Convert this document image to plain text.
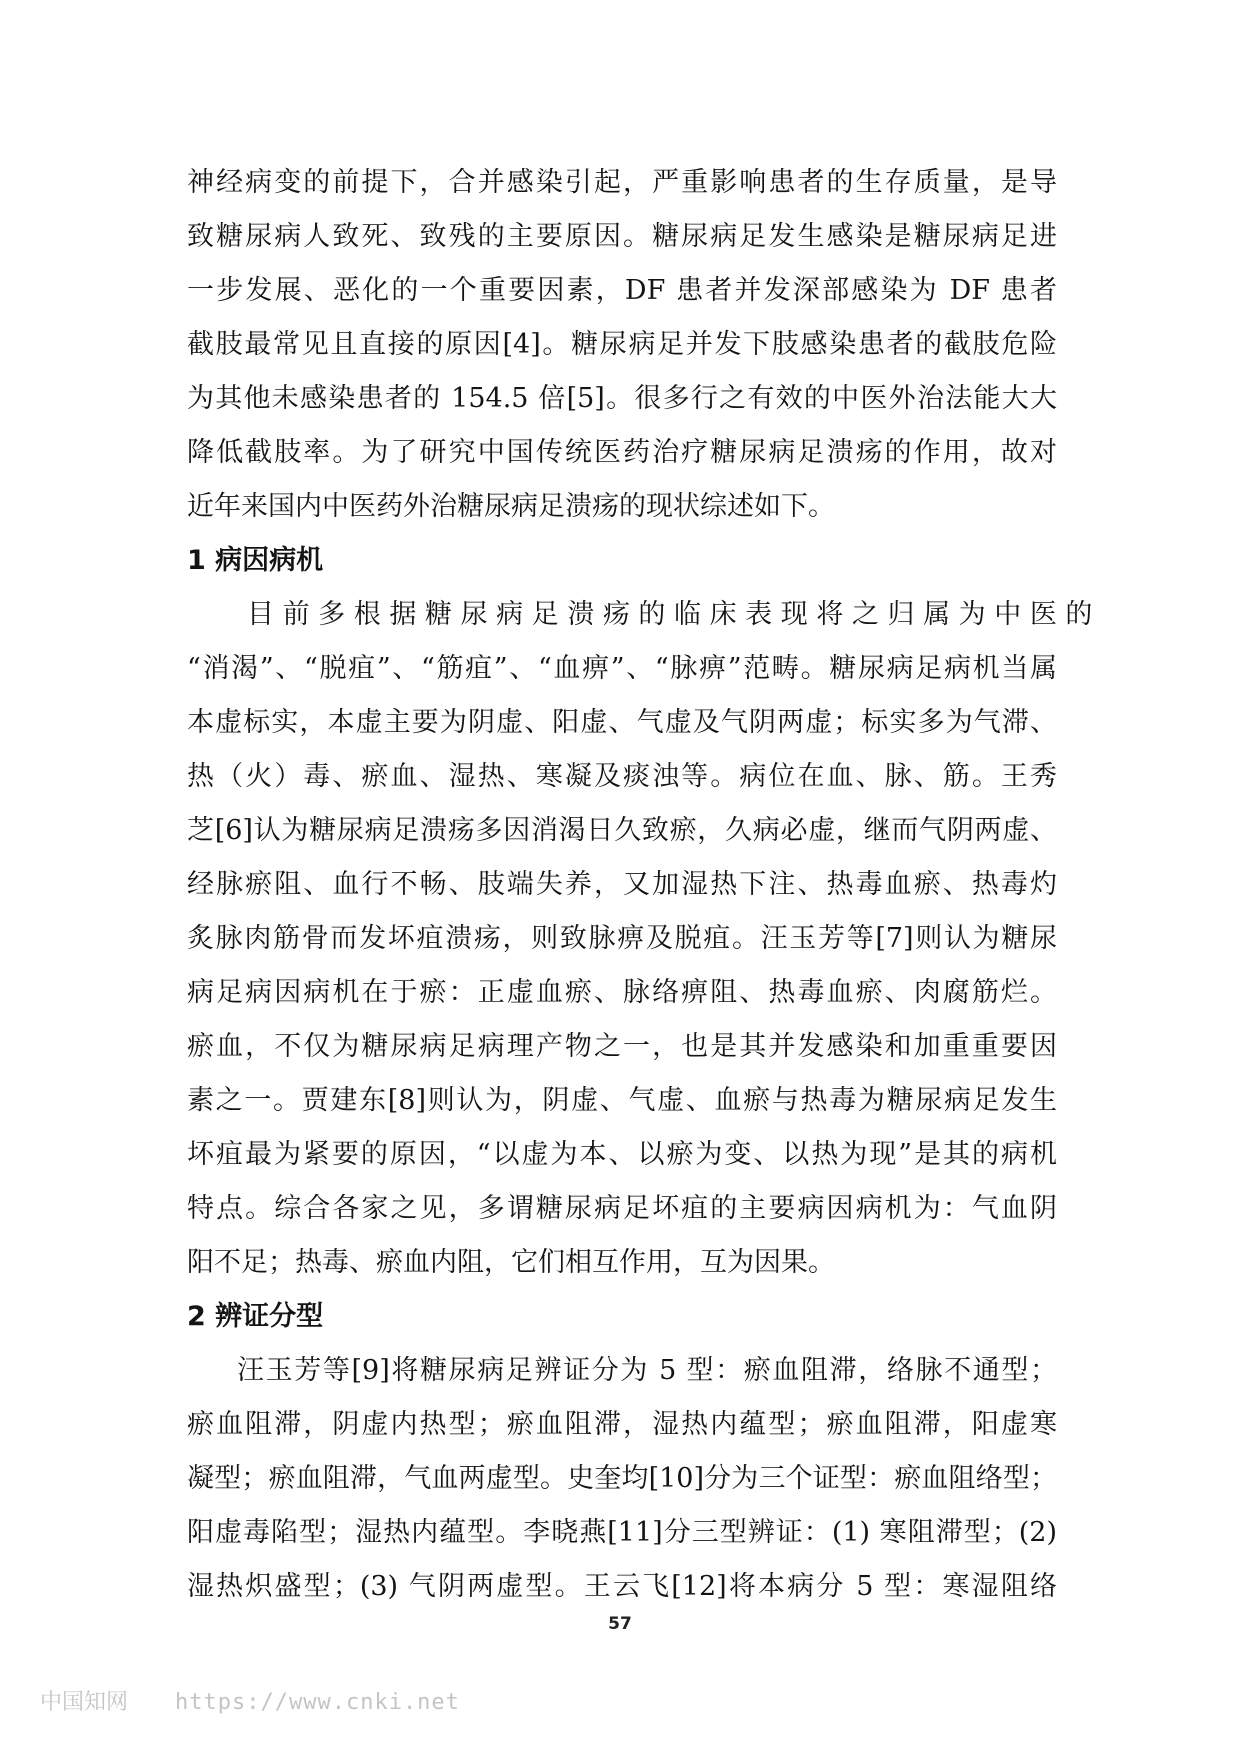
神经病变的前提下，合并感染引起，严重影响患者的生存质量，是导
致糖尿病人致死、致残的主要原因。糖尿病足发生感染是糖尿病足进
一步发展、恶化的一个重要因素，DF 患者并发深部感染为 DF 患者
截肢最常见且直接的原因[4]。糖尿病足并发下肢感染患者的截肢危险
为其他未感染患者的 154.5 倍[5]。很多行之有效的中医外治法能大大
降低截肢率。为了研究中国传统医药治疗糖尿病足溃疡的作用，故对
近年来国内中医药外治糖尿病足溃疡的现状综述如下。
1 病因病机
目 前 多 根 据 糖 尿 病 足 溃 疡 的 临 床 表 现 将 之 归 属 为 中 医 的
“消渴”、“脱疽”、“筋疽”、“血痹”、“脉痹”范畴。糖尿病足病机当属
本虚标实，本虚主要为阴虚、阳虚、气虚及气阴两虚；标实多为气滞、
热（火）毒、瘀血、湿热、寒凝及痰浊等。病位在血、脉、筋。王秀
芝[6]认为糖尿病足溃疡多因消渴日久致瘀，久病必虚，继而气阴两虚、
经脉瘀阻、血行不畅、肢端失养，又加湿热下注、热毒血瘀、热毒灼
炙脉肉筋骨而发坏疽溃疡，则致脉痹及脱疽。汪玉芳等[7]则认为糖尿
病足病因病机在于瘀：正虚血瘀、脉络痹阻、热毒血瘀、肉腐筋烂。
瘀血，不仅为糖尿病足病理产物之一，也是其并发感染和加重重要因
素之一。贾建东[8]则认为，阴虚、气虚、血瘀与热毒为糖尿病足发生
坏疽最为紧要的原因，“以虚为本、以瘀为变、以热为现”是其的病机
特点。综合各家之见，多谓糖尿病足坏疽的主要病因病机为：气血阴
阳不足；热毒、瘀血内阻，它们相互作用，互为因果。
2 辨证分型
汪玉芳等[9]将糖尿病足辨证分为 5 型：瘀血阻滞，络脉不通型；
瘀血阻滞，阴虚内热型；瘀血阻滞，湿热内蕴型；瘀血阻滞，阳虚寒
凝型；瘀血阻滞，气血两虚型。史奎均[10]分为三个证型：瘀血阻络型；
阳虚毒陷型；湿热内蕴型。李晓燕[11]分三型辨证：(1) 寒阻滞型；(2)
湿热炽盛型；(3) 气阴两虚型。王云飞[12]将本病分 5 型：寒湿阻络
57
中国知网 https://www.cnki.net
